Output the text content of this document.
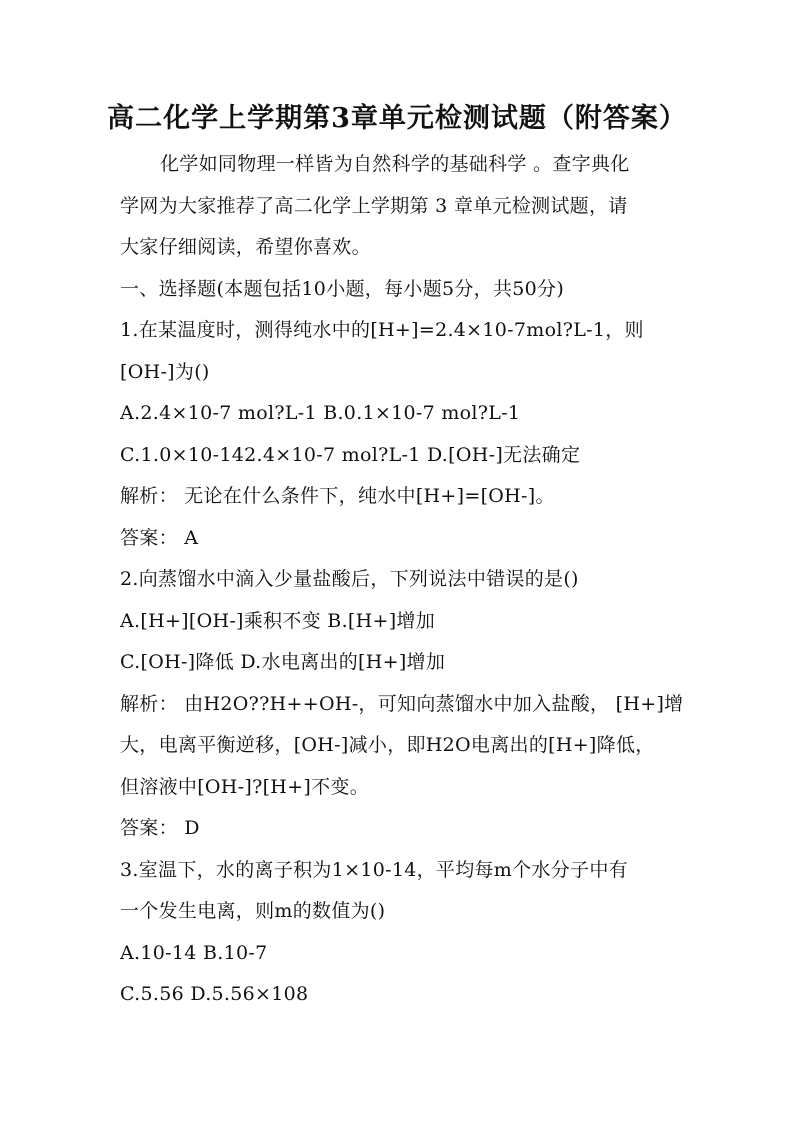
高二化学上学期第3章单元检测试题（附答案）
化学如同物理一样皆为自然科学的基础科学 。查字典化
学网为大家推荐了高二化学上学期第 3 章单元检测试题，请
大家仔细阅读，希望你喜欢。
一、选择题(本题包括10小题，每小题5分，共50分)
1.在某温度时，测得纯水中的[H+]=2.4×10-7mol?L-1，则
[OH-]为()
A.2.4×10-7 mol?L-1 B.0.1×10-7 mol?L-1
C.1.0×10-142.4×10-7 mol?L-1 D.[OH-]无法确定
解析： 无论在什么条件下，纯水中[H+]=[OH-]。
答案： A
2.向蒸馏水中滴入少量盐酸后，下列说法中错误的是()
A.[H+][OH-]乘积不变 B.[H+]增加
C.[OH-]降低 D.水电离出的[H+]增加
解析： 由H2O??H++OH-，可知向蒸馏水中加入盐酸， [H+]增
大，电离平衡逆移，[OH-]减小，即H2O电离出的[H+]降低，
但溶液中[OH-]?[H+]不变。
答案： D
3.室温下，水的离子积为1×10-14，平均每m个水分子中有
一个发生电离，则m的数值为()
A.10-14 B.10-7
C.5.56 D.5.56×108
